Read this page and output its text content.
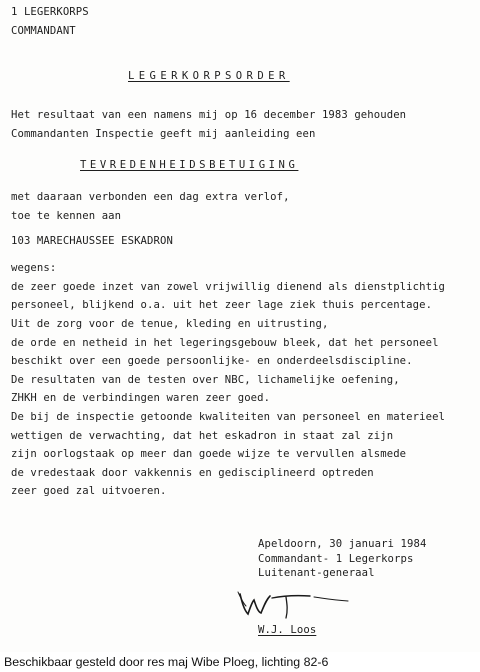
1 LEGERKORPS
COMMANDANT
LEGERKORPSORDER
Het resultaat van een namens mij op 16 december 1983 gehouden
Commandanten Inspectie geeft mij aanleiding een
TEVREDENHEIDSBETUIGING
met daaraan verbonden een dag extra verlof,
toe te kennen aan
103 MARECHAUSSEE ESKADRON
wegens:
de zeer goede inzet van zowel vrijwillig dienend als dienstplichtig
personeel, blijkend o.a. uit het zeer lage ziek thuis percentage.
Uit de zorg voor de tenue, kleding en uitrusting,
de orde en netheid in het legeringsgebouw bleek, dat het personeel
beschikt over een goede persoonlijke- en onderdeelsdiscipline.
De resultaten van de testen over NBC, lichamelijke oefening,
ZHKH en de verbindingen waren zeer goed.
De bij de inspectie getoonde kwaliteiten van personeel en materieel
wettigen de verwachting, dat het eskadron in staat zal zijn
zijn oorlogstaak op meer dan goede wijze te vervullen alsmede
de vredestaak door vakkennis en gedisciplineerd optreden
zeer goed zal uitvoeren.
Apeldoorn, 30 januari 1984
Commandant- 1 Legerkorps
Luitenant-generaal
W.J. Loos
Beschikbaar gesteld door res maj Wibe Ploeg, lichting 82-6
